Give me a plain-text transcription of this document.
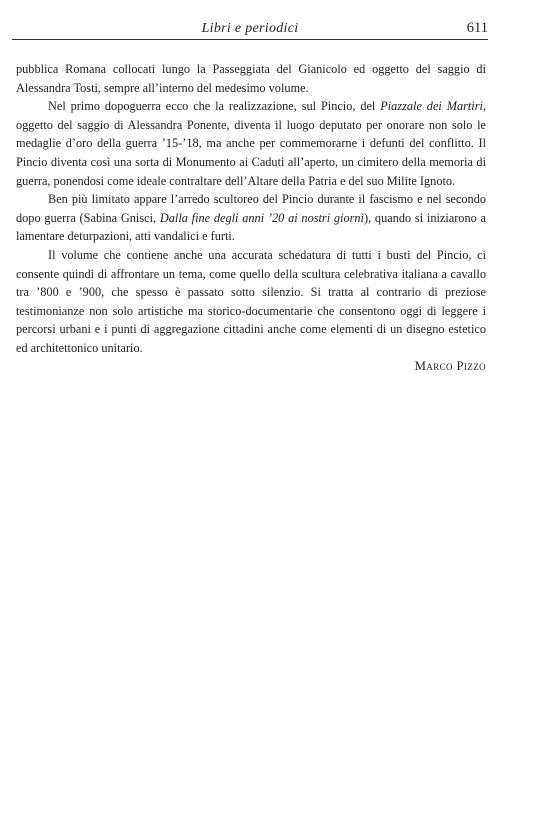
Libri e periodici	611

pubblica Romana collocati lungo la Passeggiata del Gianicolo ed oggetto del saggio di Alessandra Tosti, sempre all’interno del medesimo volume.

Nel primo dopoguerra ecco che la realizzazione, sul Pincio, del Piazzale dei Martiri, oggetto del saggio di Alessandra Ponente, diventa il luogo deputato per onorare non solo le medaglie d’oro della guerra ’15-’18, ma anche per commemorarne i defunti del conflitto. Il Pincio diventa così una sorta di Monumento ai Caduti all’aperto, un cimitero della memoria di guerra, ponendosi come ideale contraltare dell’Altare della Patria e del suo Milite Ignoto.

Ben più limitato appare l’arredo scultoreo del Pincio durante il fascismo e nel secondo dopo guerra (Sabina Gnisci, Dalla fine degli anni ’20 ai nostri giorni), quando si iniziarono a lamentare deturpazioni, atti vandalici e furti.

Il volume che contiene anche una accurata schedatura di tutti i busti del Pincio, ci consente quindi di affrontare un tema, come quello della scultura celebrativa italiana a cavallo tra ’800 e ’900, che spesso è passato sotto silenzio. Si tratta al contrario di preziose testimonianze non solo artistiche ma storico-documentarie che consentono oggi di leggere i percorsi urbani e i punti di aggregazione cittadini anche come elementi di un disegno estetico ed architettonico unitario.

Marco Pizzo
